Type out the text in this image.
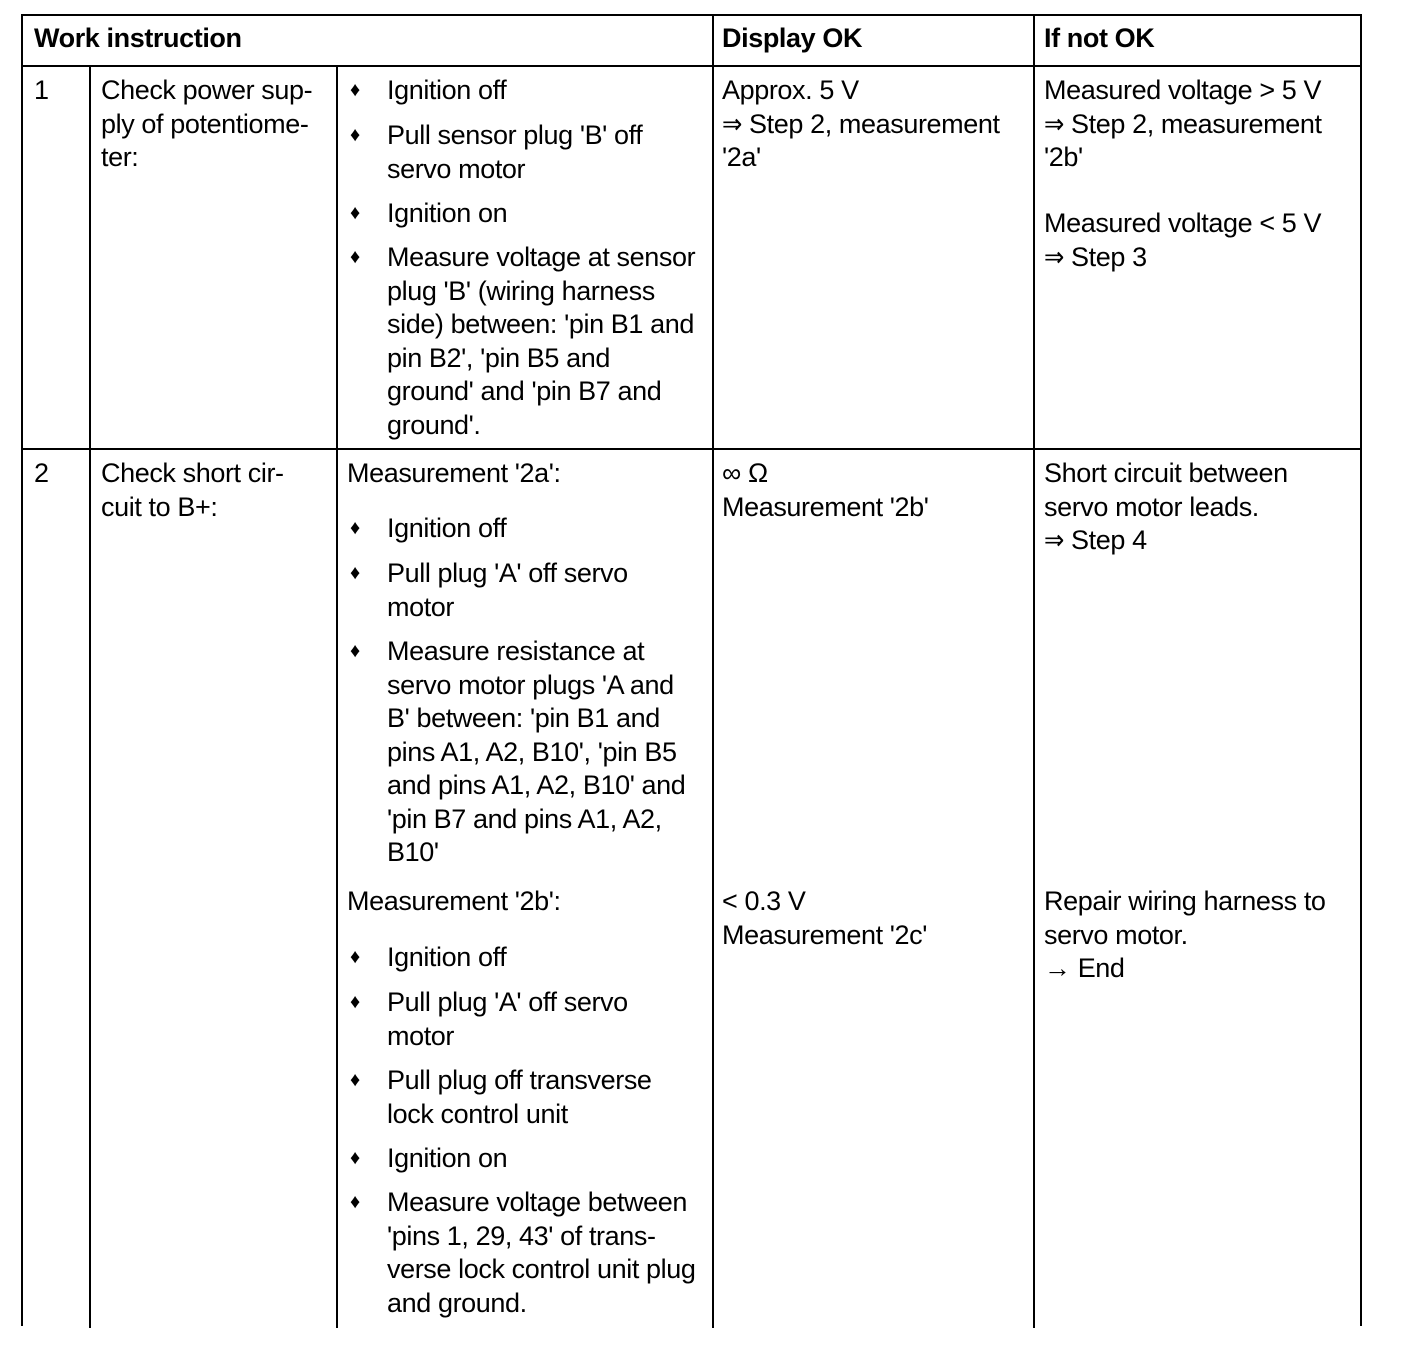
Work instruction	Display OK	If not OK
1 Check power sup-
ply of potentiome-
ter:
♦ Ignition off
♦ Pull sensor plug 'B' off
servo motor
♦ Ignition on
♦ Measure voltage at sensor
plug 'B' (wiring harness
side) between: 'pin B1 and
pin B2', 'pin B5 and
ground' and 'pin B7 and
ground'.
Approx. 5 V
⇒ Step 2, measurement
'2a'
Measured voltage > 5 V
⇒ Step 2, measurement
'2b'
Measured voltage < 5 V
⇒ Step 3
2 Check short cir-
cuit to B+:
Measurement '2a':
♦ Ignition off
♦ Pull plug 'A' off servo
motor
♦ Measure resistance at
servo motor plugs 'A and
B' between: 'pin B1 and
pins A1, A2, B10', 'pin B5
and pins A1, A2, B10' and
'pin B7 and pins A1, A2,
B10'
∞ Ω
Measurement '2b'
Short circuit between
servo motor leads.
⇒ Step 4
Measurement '2b':
♦ Ignition off
♦ Pull plug 'A' off servo
motor
♦ Pull plug off transverse
lock control unit
♦ Ignition on
♦ Measure voltage between
'pins 1, 29, 43' of trans-
verse lock control unit plug
and ground.
< 0.3 V
Measurement '2c'
Repair wiring harness to
servo motor.
→ End
